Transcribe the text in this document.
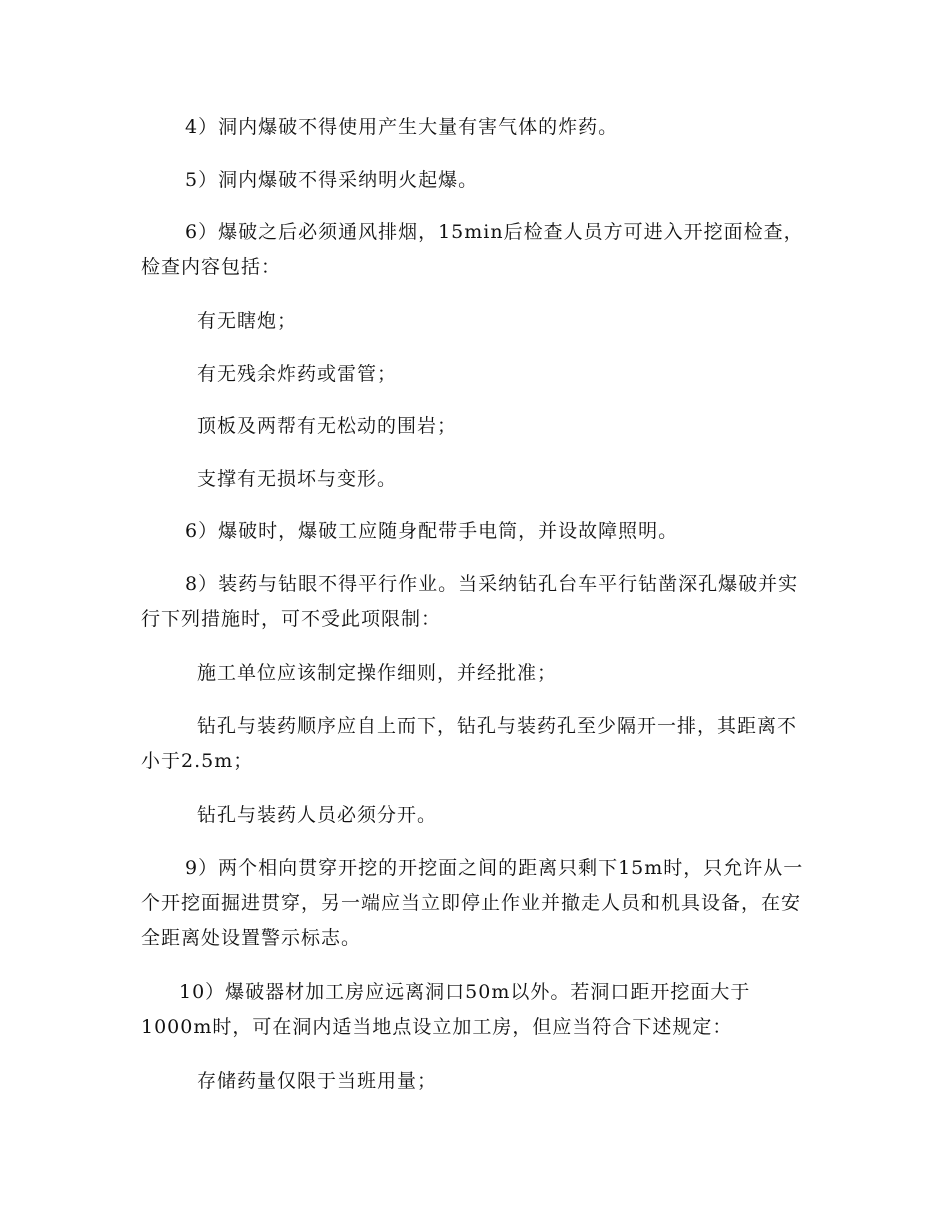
4）洞内爆破不得使用产生大量有害气体的炸药。

5）洞内爆破不得采纳明火起爆。

6）爆破之后必须通风排烟，15min后检查人员方可进入开挖面检查，检查内容包括：

有无瞎炮；

有无残余炸药或雷管；

顶板及两帮有无松动的围岩；

支撑有无损坏与变形。

6）爆破时，爆破工应随身配带手电筒，并设故障照明。

8）装药与钻眼不得平行作业。当采纳钻孔台车平行钻凿深孔爆破并实行下列措施时，可不受此项限制：

施工单位应该制定操作细则，并经批准；

钻孔与装药顺序应自上而下，钻孔与装药孔至少隔开一排，其距离不小于2.5m；

钻孔与装药人员必须分开。

9）两个相向贯穿开挖的开挖面之间的距离只剩下15m时，只允许从一个开挖面掘进贯穿，另一端应当立即停止作业并撤走人员和机具设备，在安全距离处设置警示标志。

10）爆破器材加工房应远离洞口50m以外。若洞口距开挖面大于1000m时，可在洞内适当地点设立加工房，但应当符合下述规定：

存储药量仅限于当班用量；
